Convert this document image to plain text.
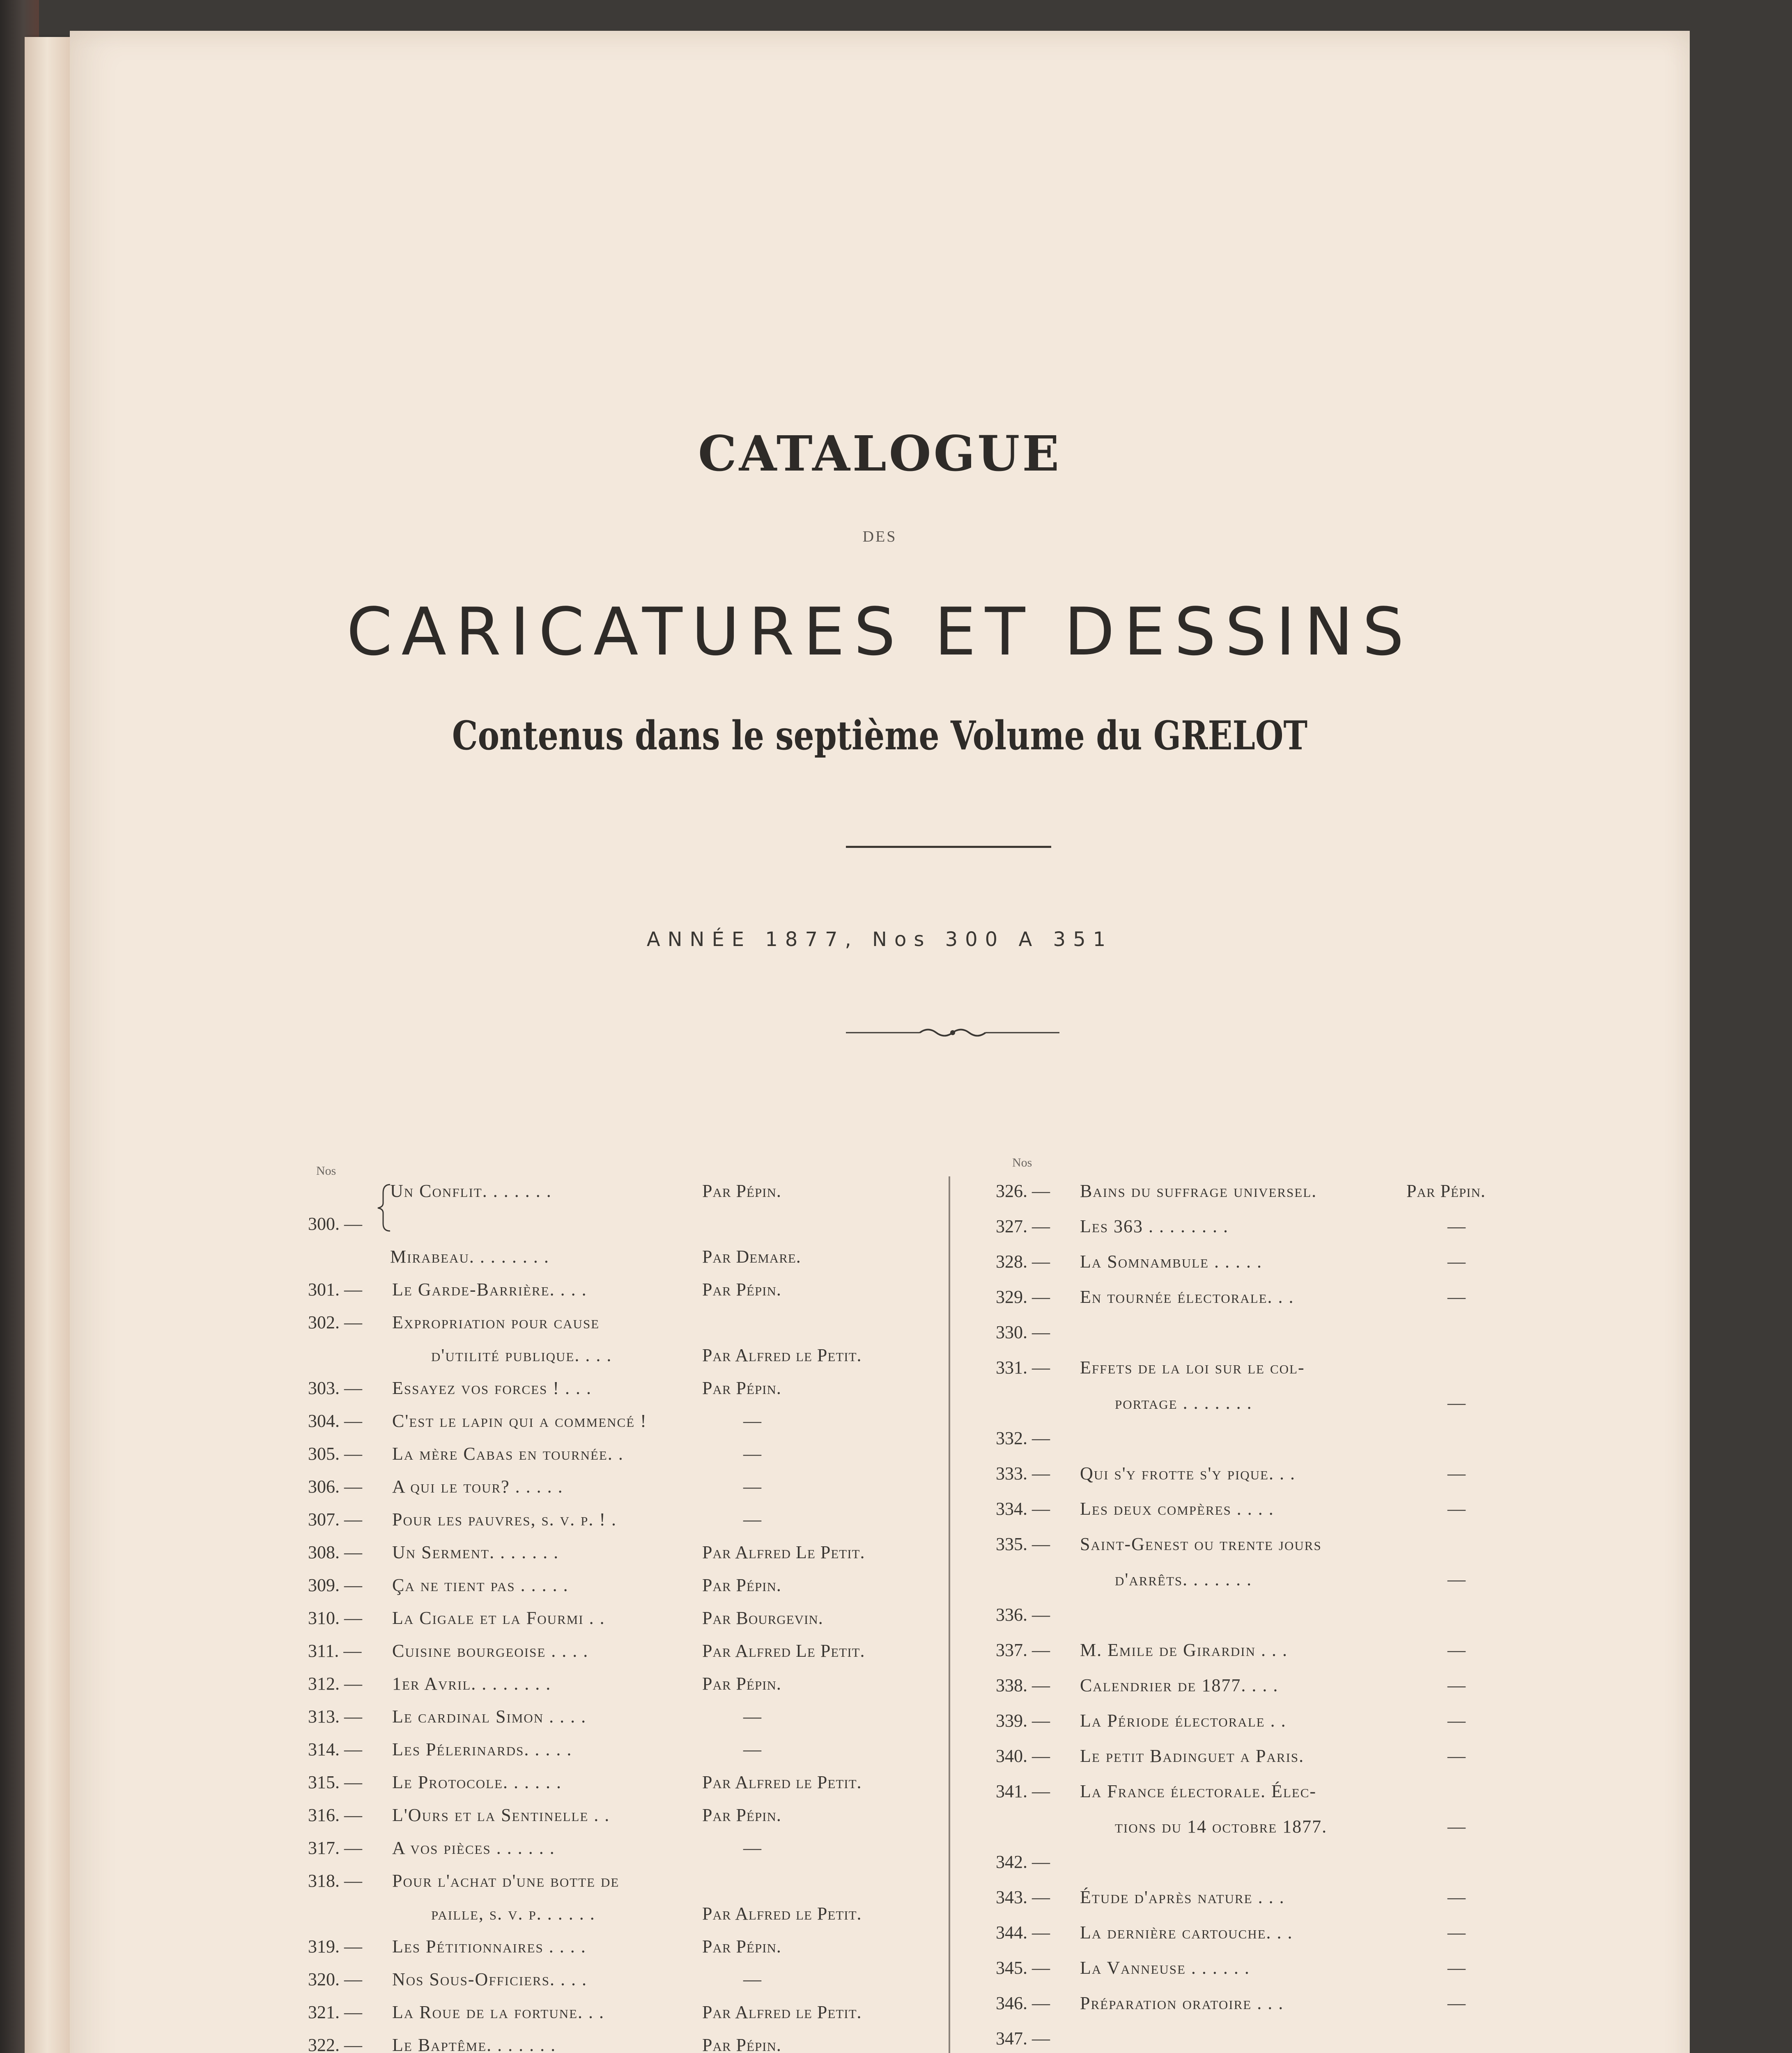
CATALOGUE
DES
CARICATURES ET DESSINS
Contenus dans le septième Volume du GRELOT
ANNÉE 1877, Nos 300 A 351
Nos
Un Conflit. . . . . . .	Par Pépin.
300. —
Mirabeau. . . . . . . .	Par Demare.
301. — Le Garde-Barrière. . . .	Par Pépin.
302. — Expropriation pour cause
d'utilité publique. . . .	Par Alfred le Petit.
303. — Essayez vos forces ! . . .	Par Pépin.
304. — C'est le lapin qui a commencé !	—
305. — La mère Cabas en tournée. .	—
306. — A qui le tour? . . . . .	—
307. — Pour les pauvres, s. v. p. ! .	—
308. — Un Serment. . . . . . .	Par Alfred Le Petit.
309. — Ça ne tient pas . . . . .	Par Pépin.
310. — La Cigale et la Fourmi . .	Par Bourgevin.
311. — Cuisine bourgeoise . . . .	Par Alfred Le Petit.
312. — 1er Avril. . . . . . . .	Par Pépin.
313. — Le cardinal Simon . . . .	—
314. — Les Pélerinards. . . . .	—
315. — Le Protocole. . . . . .	Par Alfred le Petit.
316. — L'Ours et la Sentinelle . .	Par Pépin.
317. — A vos pièces . . . . . .	—
318. — Pour l'achat d'une botte de
paille, s. v. p. . . . . .	Par Alfred le Petit.
319. — Les Pétitionnaires . . . .	Par Pépin.
320. — Nos Sous-Officiers. . . .	—
321. — La Roue de la fortune. . .	Par Alfred le Petit.
322. — Le Baptême. . . . . . .	Par Pépin.
Nos
326. — Bains du suffrage universel.	Par Pépin.
327. — Les 363 . . . . . . . .	—
328. — La Somnambule . . . . .	—
329. — En tournée électorale. . .	—
330. —
331. — Effets de la loi sur le col-
portage . . . . . . .	—
332. —
333. — Qui s'y frotte s'y pique. . .	—
334. — Les deux compères . . . .	—
335. — Saint-Genest ou trente jours
d'arrêts. . . . . . .	—
336. —
337. — M. Emile de Girardin . . .	—
338. — Calendrier de 1877. . . .	—
339. — La Période électorale . .	—
340. — Le petit Badinguet a Paris.	—
341. — La France électorale. Élec-
tions du 14 octobre 1877.	—
342. —
343. — Étude d'après nature . . .	—
344. — La dernière cartouche. . .	—
345. — La Vanneuse . . . . . .	—
346. — Préparation oratoire . . .	—
347. —
